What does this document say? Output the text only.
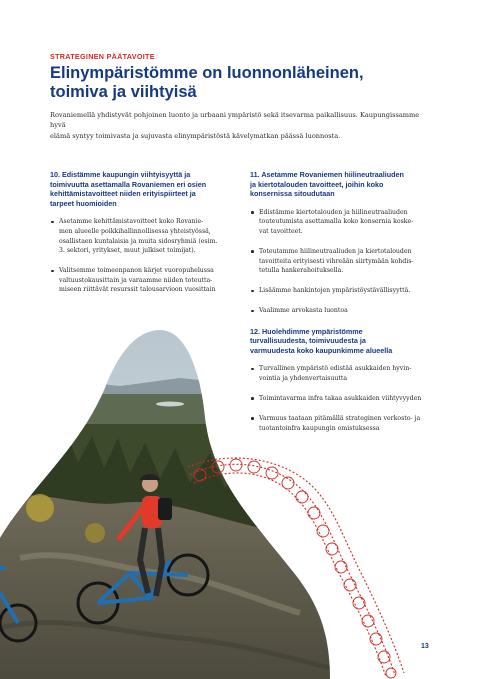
STRATEGINEN PÄÄTAVOITE
Elinympäristömme on luonnonläheinen,
toimiva ja viihtyisä

Rovaniemellä yhdistyvät pohjoinen luonto ja urbaani ympäristö sekä itsevarma paikallisuus. Kaupungissamme hyvä
elämä syntyy toimivasta ja sujuvasta elinympäristöstä kävelymatkan päässä luonnosta.

10. Edistämme kaupungin viihtyisyyttä ja
toimivuutta asettamalla Rovaniemen eri osien
kehittämistavoitteet niiden erityispiirteet ja
tarpeet huomioiden
Asetamme kehittämistavoitteet koko Rovanie-
men alueelle poikkihallinnollisessa yhteistyössä,
osallistaen kuntalaisia ja muita sidosryhmiä (esim.
3. sektori, yritykset, muut julkiset toimijat).
Valitsemme toimeenpanon kärjet vuoropuhelussa
valtuustokausittain ja varaamme niiden toteutta-
miseen riittävät resurssit talousarvioon vuosittain
11. Asetamme Rovaniemen hiilineutraaliuden
ja kiertotalouden tavoitteet, joihin koko
konsernissa sitoudutaan
Edistämme kiertotalouden ja hiilineutraaliuden
touteutumista asettamalla koko konsernia koske-
vat tavoitteet.
Toteutamme hiilineutraaliuden ja kiertotalouden
tavoitteita erityisesti vihreään siirtymään kohdis-
tetulla hankerahoituksella.
Lisäämme hankintojen ympäristöystävällisyyttä.
Vaalimme arvokasta luontoa
12. Huolehdimme ympäristömme
turvallisuudesta, toimivuudesta ja
varmuudesta koko kaupunkimme alueella
Turvallinen ympäristö edistää asukkaiden hyvin-
vointia ja yhdenvertaisuutta
Toimintavarma infra takaa asukkaiden viihtyvyyden
Varmuus taataan pitämällä strateginen verkosto- ja
tuotantoinfra kaupungin omistuksessa
13
